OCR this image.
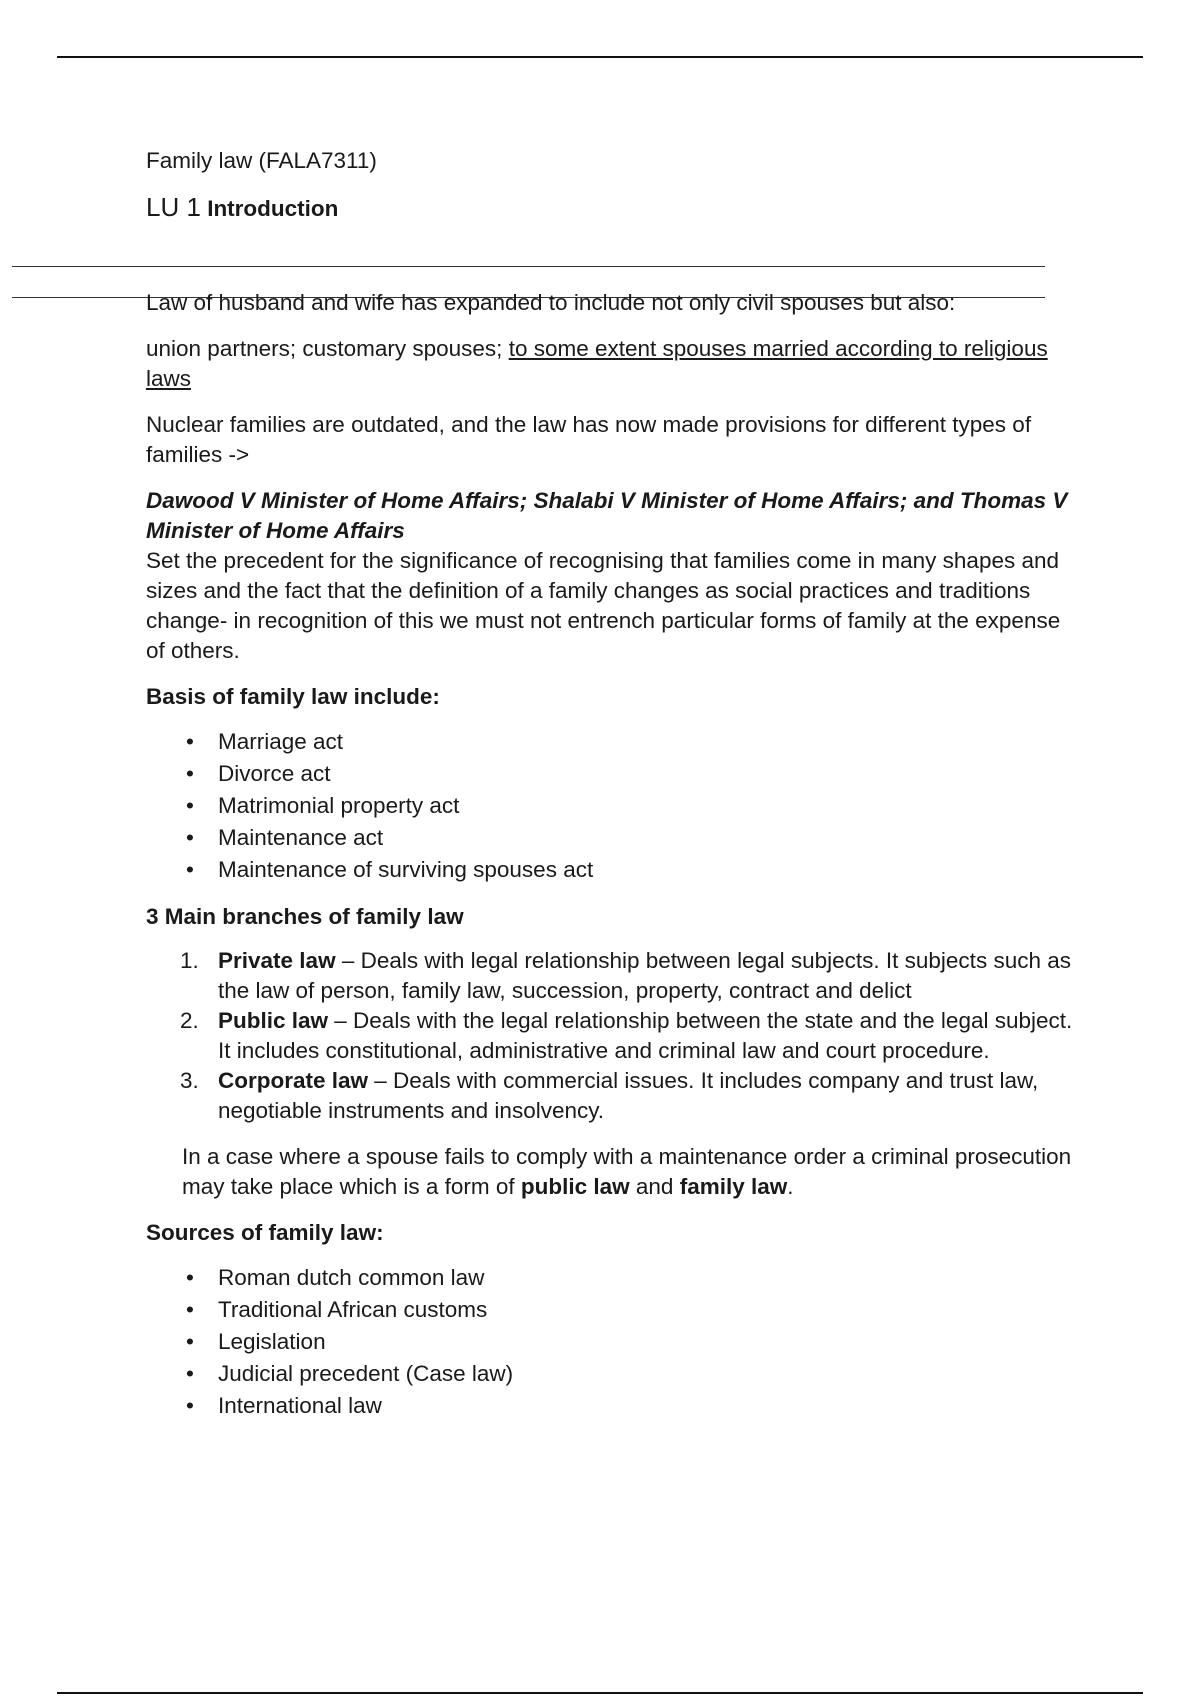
Family law (FALA7311)
LU 1 Introduction

Law of husband and wife has expanded to include not only civil spouses but also:

union partners; customary spouses; to some extent spouses married according to religious laws

Nuclear families are outdated, and the law has now made provisions for different types of families ->

Dawood V Minister of Home Affairs; Shalabi V Minister of Home Affairs; and Thomas V Minister of Home Affairs

Set the precedent for the significance of recognising that families come in many shapes and sizes and the fact that the definition of a family changes as social practices and traditions change- in recognition of this we must not entrench particular forms of family at the expense of others.

Basis of family law include:
• Marriage act
• Divorce act
• Matrimonial property act
• Maintenance act
• Maintenance of surviving spouses act
3 Main branches of family law
1. Private law – Deals with legal relationship between legal subjects. It subjects such as the law of person, family law, succession, property, contract and delict
2. Public law – Deals with the legal relationship between the state and the legal subject. It includes constitutional, administrative and criminal law and court procedure.
3. Corporate law – Deals with commercial issues. It includes company and trust law, negotiable instruments and insolvency.

In a case where a spouse fails to comply with a maintenance order a criminal prosecution may take place which is a form of public law and family law.

Sources of family law:
• Roman dutch common law
• Traditional African customs
• Legislation
• Judicial precedent (Case law)
• International law
